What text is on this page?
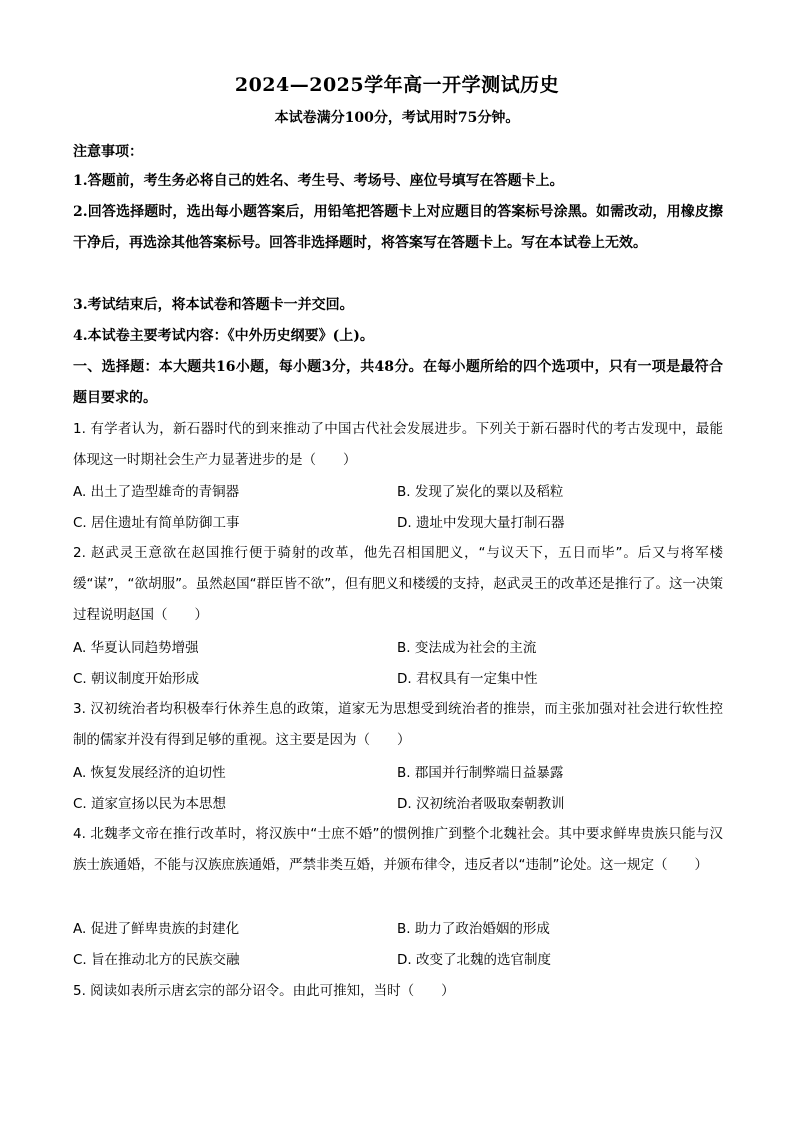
2024—2025学年高一开学测试历史
本试卷满分100分，考试用时75分钟。
注意事项：
1.答题前，考生务必将自己的姓名、考生号、考场号、座位号填写在答题卡上。
2.回答选择题时，选出每小题答案后，用铅笔把答题卡上对应题目的答案标号涂黑。如需改动，用橡皮擦干净后，再选涂其他答案标号。回答非选择题时，将答案写在答题卡上。写在本试卷上无效。
3.考试结束后，将本试卷和答题卡一并交回。
4.本试卷主要考试内容：《中外历史纲要》(上)。
一、选择题：本大题共16小题，每小题3分，共48分。在每小题所给的四个选项中，只有一项是最符合题目要求的。
1. 有学者认为，新石器时代的到来推动了中国古代社会发展进步。下列关于新石器时代的考古发现中，最能体现这一时期社会生产力显著进步的是（　　）
A. 出土了造型雄奇的青铜器	B. 发现了炭化的粟以及稻粒
C. 居住遗址有简单防御工事	D. 遗址中发现大量打制石器
2. 赵武灵王意欲在赵国推行便于骑射的改革，他先召相国肥义，“与议天下，五日而毕”。后又与将军楼缓“谋”，“欲胡服”。虽然赵国“群臣皆不欲”，但有肥义和楼缓的支持，赵武灵王的改革还是推行了。这一决策过程说明赵国（　　）
A. 华夏认同趋势增强	B. 变法成为社会的主流
C. 朝议制度开始形成	D. 君权具有一定集中性
3. 汉初统治者均积极奉行休养生息的政策，道家无为思想受到统治者的推崇，而主张加强对社会进行软性控制的儒家并没有得到足够的重视。这主要是因为（　　）
A. 恢复发展经济的迫切性	B. 郡国并行制弊端日益暴露
C. 道家宣扬以民为本思想	D. 汉初统治者吸取秦朝教训
4. 北魏孝文帝在推行改革时，将汉族中“士庶不婚”的惯例推广到整个北魏社会。其中要求鲜卑贵族只能与汉族士族通婚，不能与汉族庶族通婚，严禁非类互婚，并颁布律令，违反者以“违制”论处。这一规定（　　）
A. 促进了鲜卑贵族的封建化	B. 助力了政治婚姻的形成
C. 旨在推动北方的民族交融	D. 改变了北魏的选官制度
5. 阅读如表所示唐玄宗的部分诏令。由此可推知，当时（　　）
